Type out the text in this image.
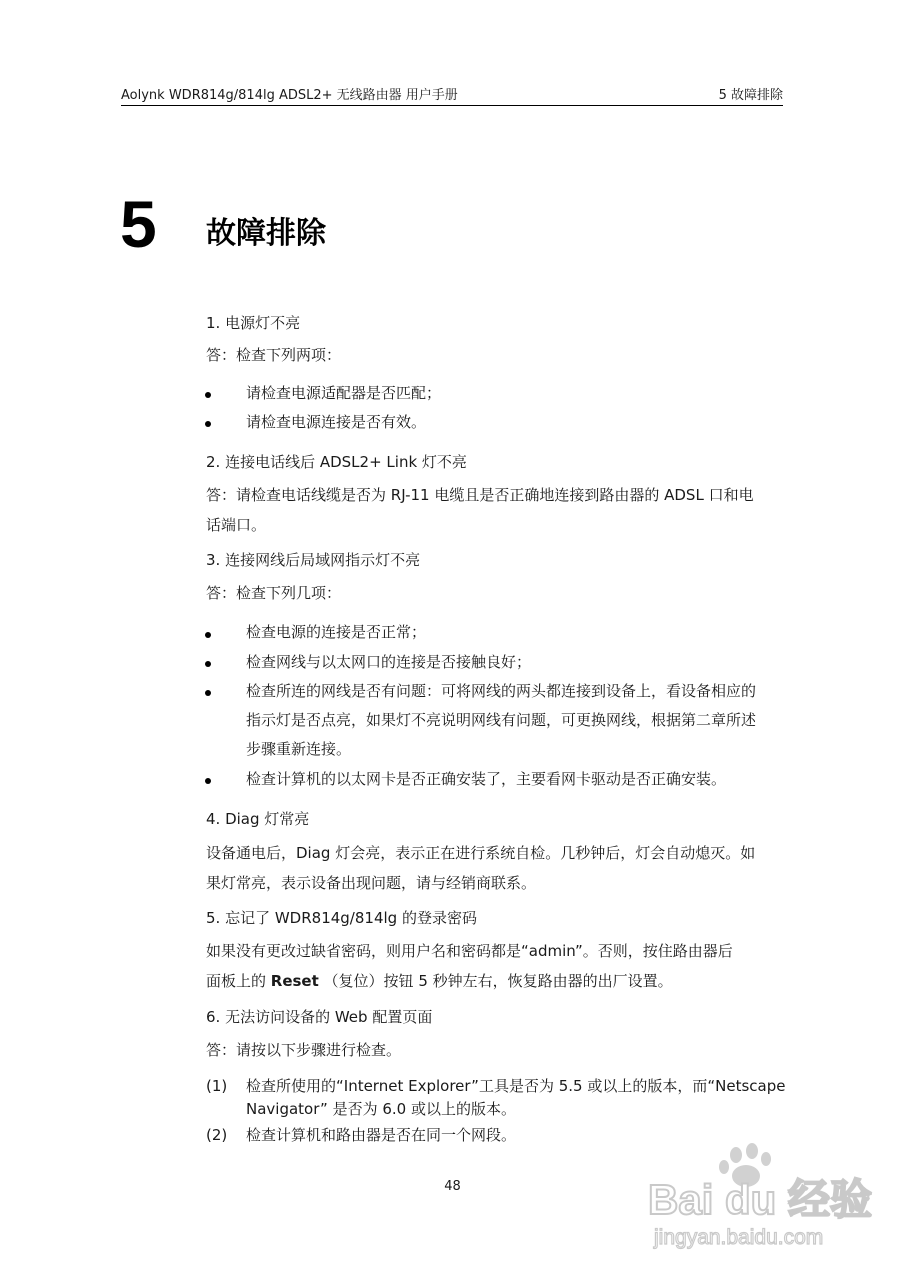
Aolynk WDR814g/814lg ADSL2+ 无线路由器 用户手册	5 故障排除
5 故障排除
1. 电源灯不亮
答：检查下列两项：
请检查电源适配器是否匹配；
请检查电源连接是否有效。
2. 连接电话线后 ADSL2+ Link 灯不亮
答：请检查电话线缆是否为 RJ-11 电缆且是否正确地连接到路由器的 ADSL 口和电
话端口。
3. 连接网线后局域网指示灯不亮
答：检查下列几项：
检查电源的连接是否正常；
检查网线与以太网口的连接是否接触良好；
检查所连的网线是否有问题：可将网线的两头都连接到设备上，看设备相应的
指示灯是否点亮，如果灯不亮说明网线有问题，可更换网线，根据第二章所述
步骤重新连接。
检查计算机的以太网卡是否正确安装了，主要看网卡驱动是否正确安装。
4. Diag 灯常亮
设备通电后，Diag 灯会亮，表示正在进行系统自检。几秒钟后，灯会自动熄灭。如
果灯常亮，表示设备出现问题，请与经销商联系。
5. 忘记了 WDR814g/814lg 的登录密码
如果没有更改过缺省密码，则用户名和密码都是“admin”。否则，按住路由器后
面板上的 Reset （复位）按钮 5 秒钟左右，恢复路由器的出厂设置。
6. 无法访问设备的 Web 配置页面
答：请按以下步骤进行检查。
(1) 检查所使用的“Internet Explorer”工具是否为 5.5 或以上的版本，而“Netscape
Navigator” 是否为 6.0 或以上的版本。
(2) 检查计算机和路由器是否在同一个网段。
48	Bai du 经验
jingyan.baidu.com
